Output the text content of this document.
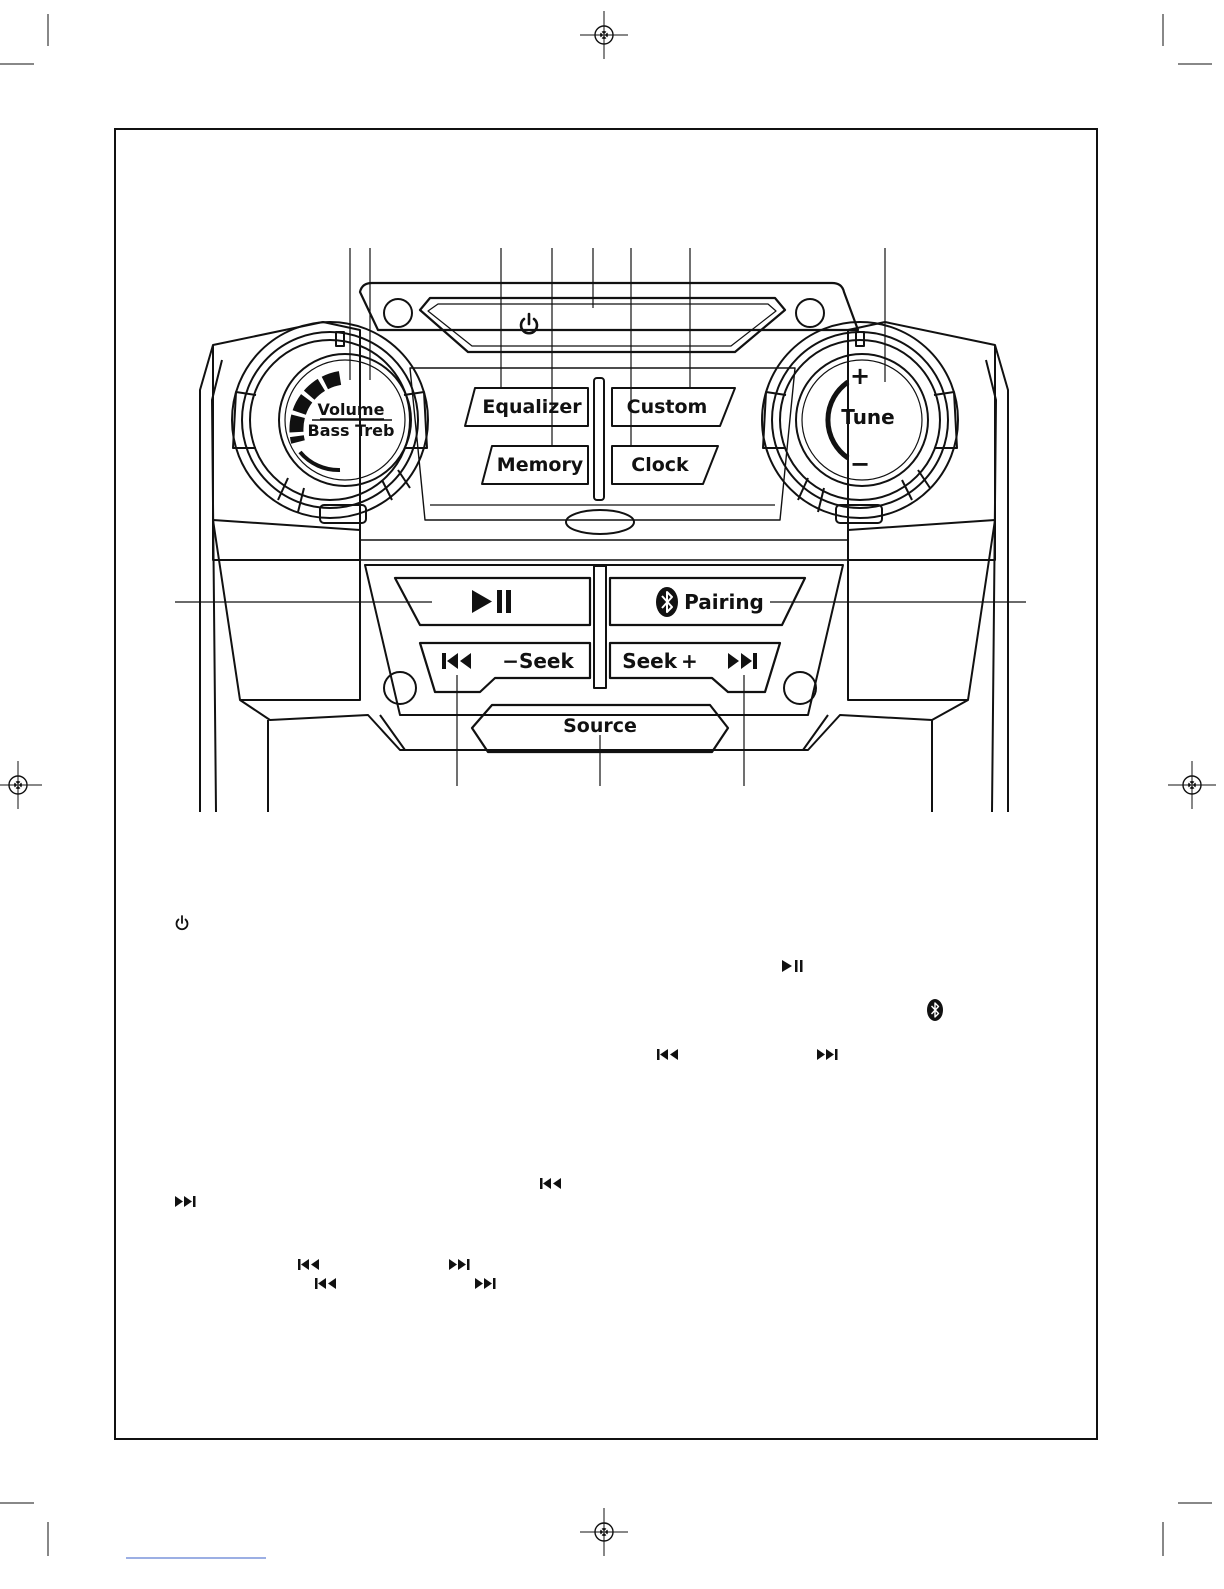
Volume
Bass Treb
Tune
+
−
Equalizer Custom
Memory	Clock
Pairing
−Seek Seek +
Source
